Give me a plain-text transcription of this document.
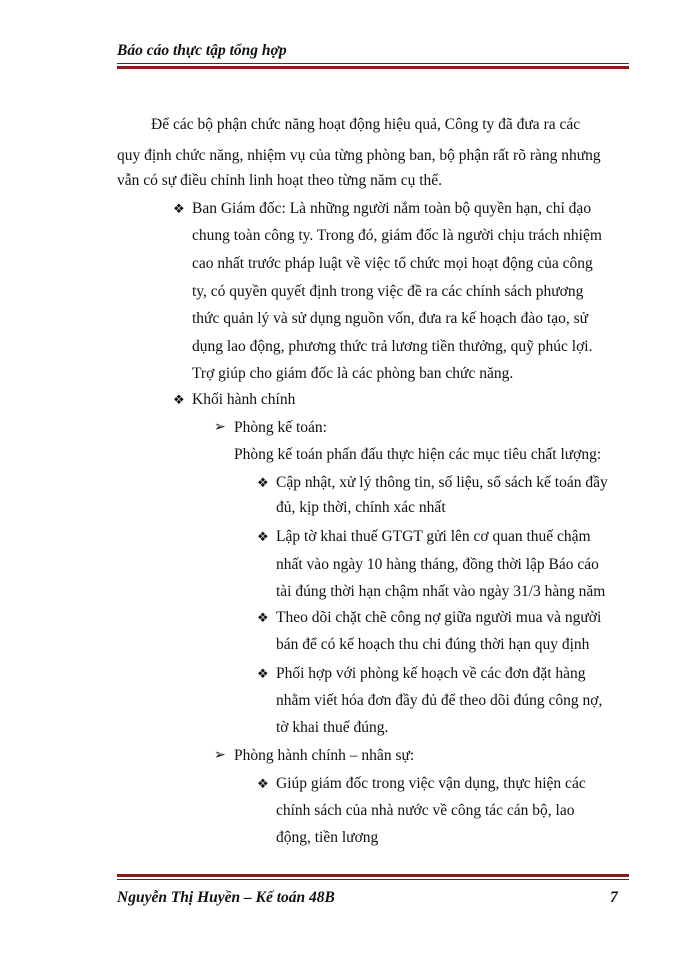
Báo cáo thực tập tổng hợp
Để các bộ phận chức năng hoạt động hiệu quả, Công ty đã đưa ra các
quy định chức năng, nhiệm vụ của từng phòng ban, bộ phận rất rõ ràng nhưng
vẫn có sự điều chỉnh linh hoạt theo từng năm cụ thể.
❖ Ban Giám đốc: Là những người nắm toàn bộ quyền hạn, chỉ đạo
chung toàn công ty. Trong đó, giám đốc là người chịu trách nhiệm
cao nhất trước pháp luật về việc tổ chức mọi hoạt động của công
ty, có quyền quyết định trong việc đề ra các chính sách phương
thức quản lý và sử dụng nguồn vốn, đưa ra kế hoạch đào tạo, sử
dụng lao động, phương thức trả lương tiền thưởng, quỹ phúc lợi.
Trợ giúp cho giám đốc là các phòng ban chức năng.
❖ Khối hành chính
➢ Phòng kế toán:
Phòng kế toán phấn đấu thực hiện các mục tiêu chất lượng:
❖ Cập nhật, xử lý thông tin, số liệu, sổ sách kế toán đầy
đủ, kịp thời, chính xác nhất
❖ Lập tờ khai thuế GTGT gửi lên cơ quan thuế chậm
nhất vào ngày 10 hàng tháng, đồng thời lập Báo cáo
tài đúng thời hạn chậm nhất vào ngày 31/3 hàng năm
❖ Theo dõi chặt chẽ công nợ giữa người mua và người
bán để có kế hoạch thu chi đúng thời hạn quy định
❖ Phối hợp với phòng kế hoạch về các đơn đặt hàng
nhằm viết hóa đơn đầy đủ để theo dõi đúng công nợ,
tờ khai thuế đúng.
➢ Phòng hành chính – nhân sự:
❖ Giúp giám đốc trong việc vận dụng, thực hiện các
chính sách của nhà nước về công tác cán bộ, lao
động, tiền lương
Nguyễn Thị Huyền – Kế toán 48B	7
